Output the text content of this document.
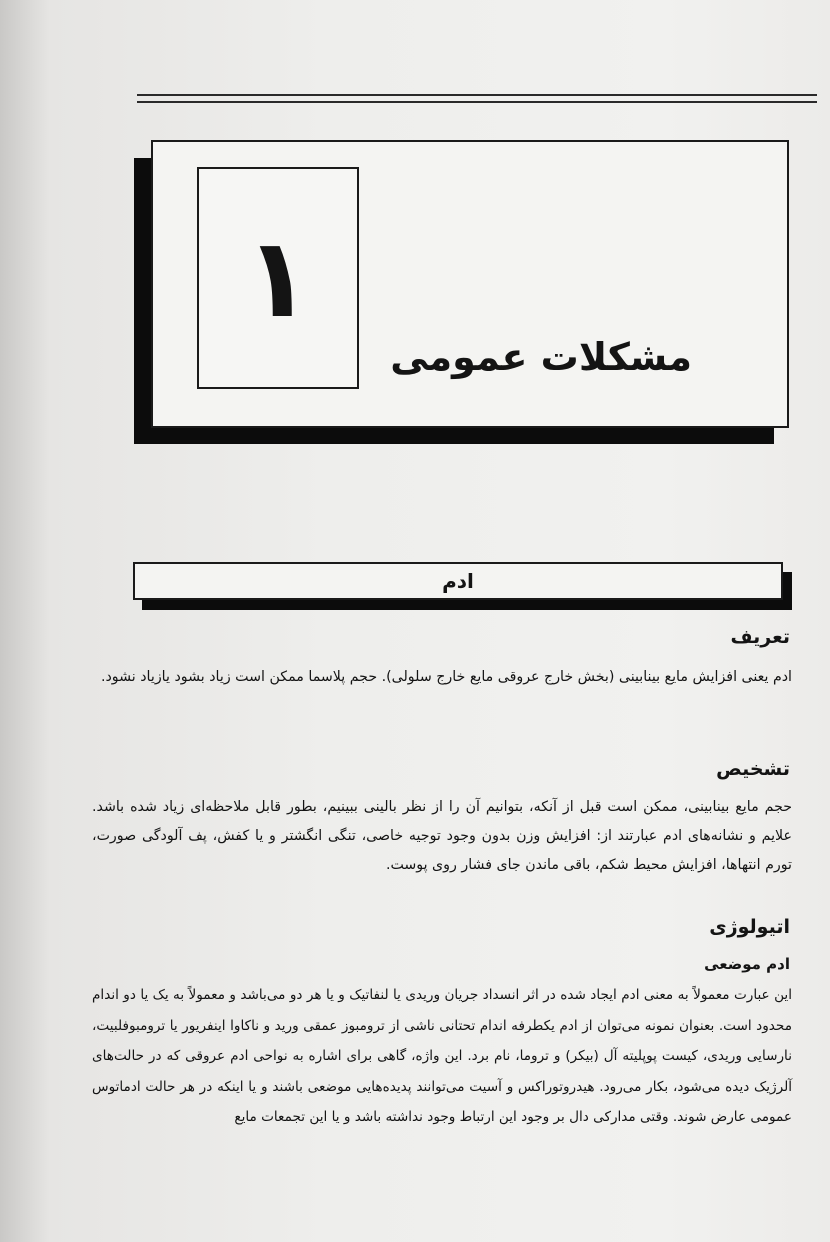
۱
مشکلات عمومی
ادم
تعریف
ادم یعنی افزایش مایع بینابینی (بخش خارج عروقی مایع خارج سلولی). حجم پلاسما ممکن است زیاد بشود یازیاد نشود.
تشخیص
حجم مایع بینابینی، ممکن است قبل از آنکه، بتوانیم آن را از نظر بالینی ببینیم، بطور قابل ملاحظه‌ای زیاد شده باشد. علایم و نشانه‌های ادم عبارتند از: افزایش وزن بدون وجود توجیه خاصی، تنگی انگشتر و یا کفش، پف آلودگی صورت، تورم انتهاها، افزایش محیط شکم، باقی ماندن جای فشار روی پوست.
اتیولوژی
ادم موضعی
این عبارت معمولاً به معنی ادم ایجاد شده در اثر انسداد جریان وریدی یا لنفاتیک و یا هر دو می‌باشد و معمولاً به یک یا دو اندام محدود است. بعنوان نمونه می‌توان از ادم یکطرفه اندام تحتانی ناشی از ترومبوز عمقی ورید و ناکاوا اینفریور یا ترومبوفلبیت، نارسایی وریدی، کیست پوپلیته آل (بیکر) و تروما، نام برد. این واژه، گاهی برای اشاره به نواحی ادم عروقی که در حالت‌های آلرژیک دیده می‌شود، بکار می‌رود. هیدروتوراکس و آسیت می‌توانند پدیده‌هایی موضعی باشند و یا اینکه در هر حالت ادماتوس عمومی عارض شوند. وقتی مدارکی دال بر وجود این ارتباط وجود نداشته باشد و یا این تجمعات مایع
